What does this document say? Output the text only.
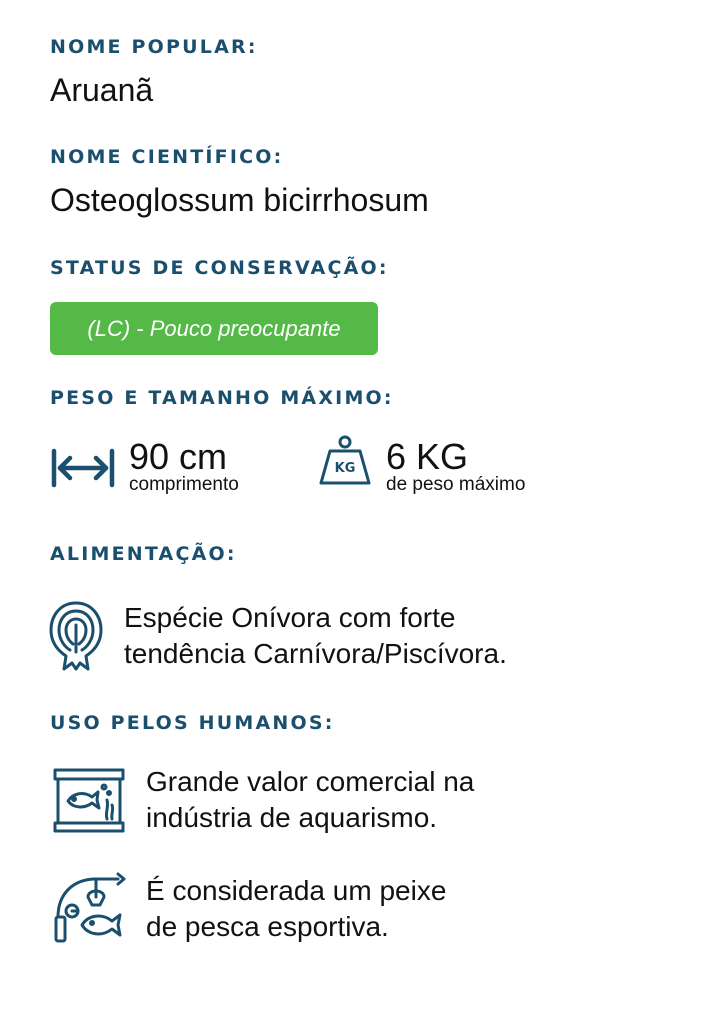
NOME POPULAR:
Aruanã
NOME CIENTÍFICO:
Osteoglossum bicirrhosum
STATUS DE CONSERVAÇÃO:
(LC) - Pouco preocupante
PESO E TAMANHO MÁXIMO:
90 cm
comprimento
KG 6 KG
de peso máximo
ALIMENTAÇÃO:
Espécie Onívora com forte
tendência Carnívora/Piscívora.
USO PELOS HUMANOS:
Grande valor comercial na
indústria de aquarismo.
É considerada um peixe
de pesca esportiva.
